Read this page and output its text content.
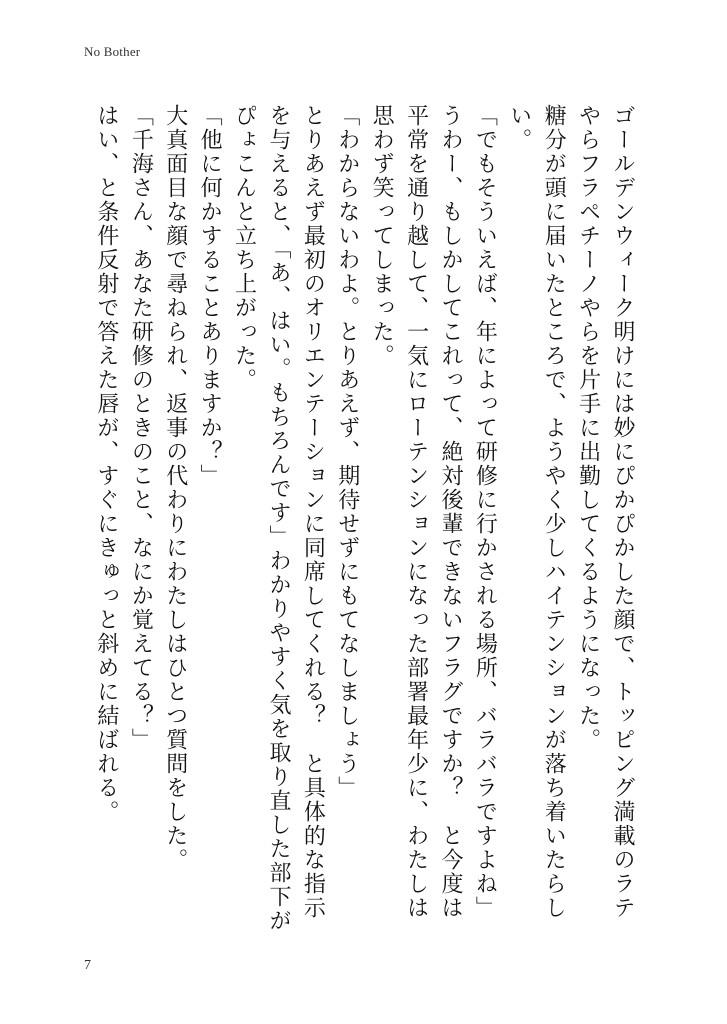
No Bother

ゴールデンウィーク明けには妙にぴかぴかした顔で、トッピング満載のラテやらフラペチーノやらを片手に出勤してくるようになった。

糖分が頭に届いたところで、ようやく少しハイテンションが落ち着いたらしい。

「でもそういえば、年によって研修に行かされる場所、バラバラですよね」

うわー、もしかしてこれって、絶対後輩できないフラグですか？　と今度は平常を通り越して、一気にローテンションになった部署最年少に、わたしは思わず笑ってしまった。

「わからないわよ。とりあえず、期待せずにもてなしましょう」

とりあえず最初のオリエンテーションに同席してくれる？　と具体的な指示を与えると、「あ、はい。もちろんです」わかりやすく気を取り直した部下がぴょこんと立ち上がった。

「他に何かすることありますか？」

大真面目な顔で尋ねられ、返事の代わりにわたしはひとつ質問をした。

「千海さん、あなた研修のときのこと、なにか覚えてる？」

はい、と条件反射で答えた唇が、すぐにきゅっと斜めに結ばれる。

7
